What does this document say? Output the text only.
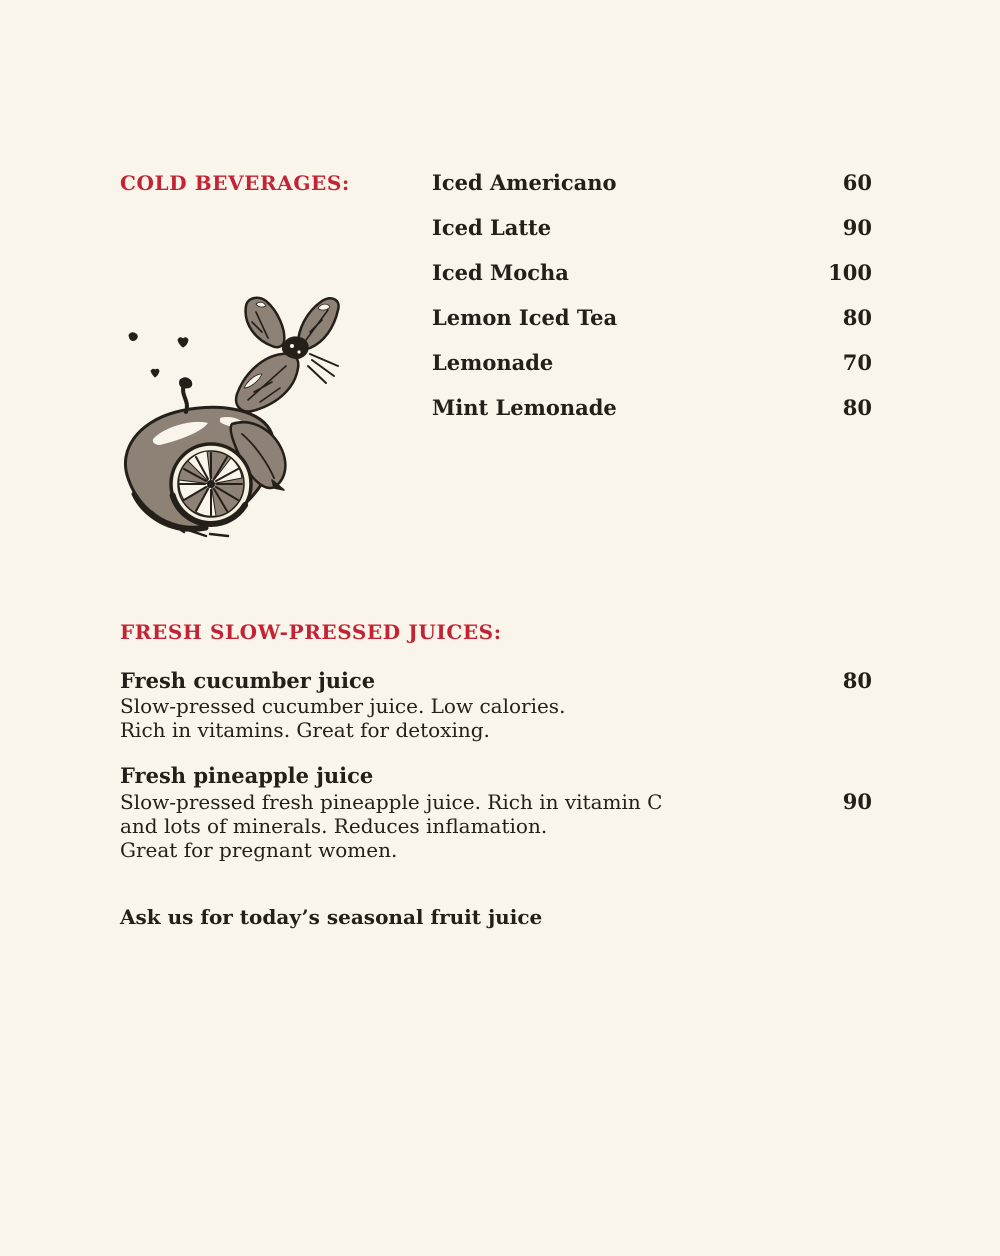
COLD BEVERAGES:	Iced Americano	60
Iced Latte	90
Iced Mocha	100
Lemon Iced Tea	80
Lemonade	70
Mint Lemonade	80
FRESH SLOW-PRESSED JUICES:
Fresh cucumber juice	80
Slow-pressed cucumber juice. Low calories.
Rich in vitamins. Great for detoxing.
Fresh pineapple juice
Slow-pressed fresh pineapple juice. Rich in vitamin C	90
and lots of minerals. Reduces inflamation.
Great for pregnant women.
Ask us for today’s seasonal fruit juice
